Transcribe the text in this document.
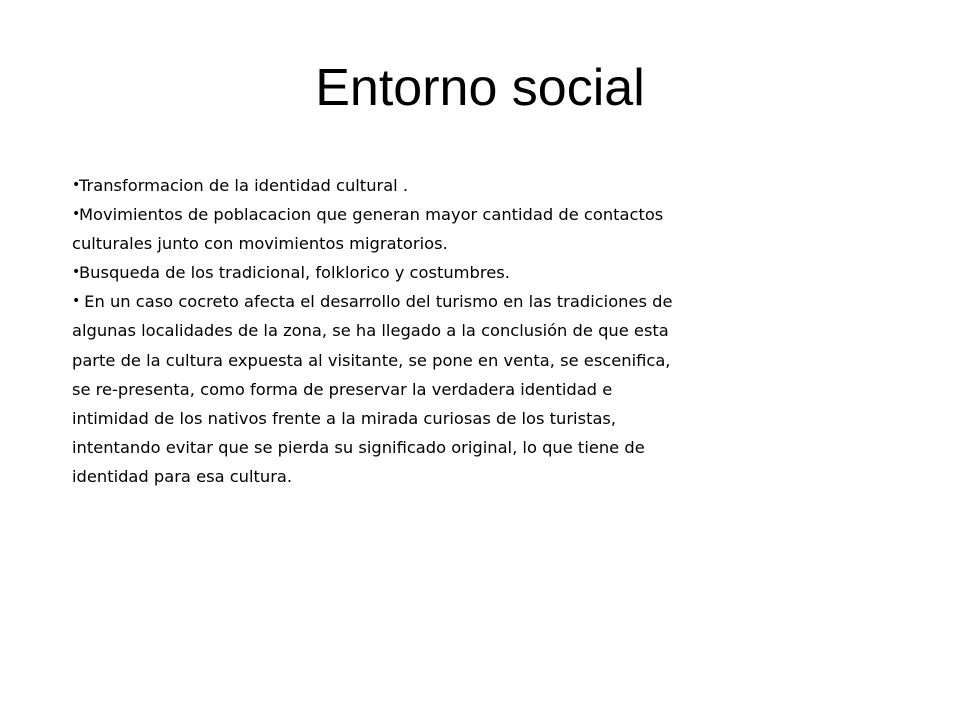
Entorno social
•Transformacion de la identidad cultural .
•Movimientos de poblacacion que generan mayor cantidad de contactos culturales junto con movimientos migratorios.
•Busqueda de los tradicional, folklorico y costumbres.
• En un caso cocreto afecta el desarrollo del turismo en las tradiciones de algunas localidades de la zona, se ha llegado a la conclusión de que esta parte de la cultura expuesta al visitante, se pone en venta, se escenifica, se re-presenta, como forma de preservar la verdadera identidad e intimidad de los nativos frente a la mirada curiosas de los turistas, intentando evitar que se pierda su significado original, lo que tiene de identidad para esa cultura.
